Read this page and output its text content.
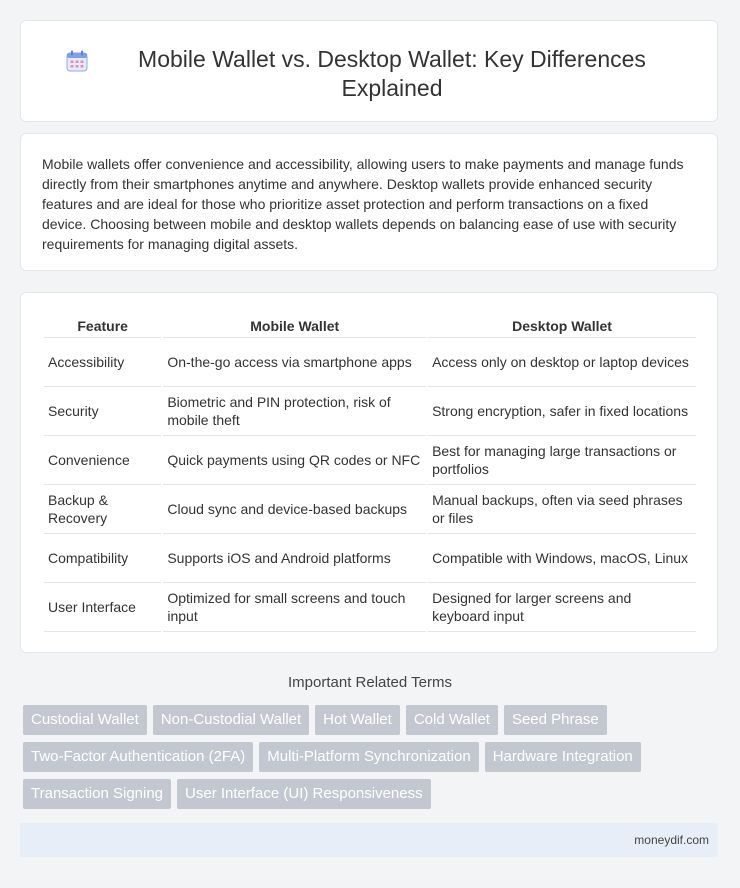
Mobile Wallet vs. Desktop Wallet: Key Differences Explained

Mobile wallets offer convenience and accessibility, allowing users to make payments and manage funds directly from their smartphones anytime and anywhere. Desktop wallets provide enhanced security features and are ideal for those who prioritize asset protection and perform transactions on a fixed device. Choosing between mobile and desktop wallets depends on balancing ease of use with security requirements for managing digital assets.

Feature	Mobile Wallet	Desktop Wallet
Accessibility	On-the-go access via smartphone apps	Access only on desktop or laptop devices
Security	Biometric and PIN protection, risk of mobile theft	Strong encryption, safer in fixed locations
Convenience	Quick payments using QR codes or NFC	Best for managing large transactions or portfolios
Backup & Recovery	Cloud sync and device-based backups	Manual backups, often via seed phrases or files
Compatibility	Supports iOS and Android platforms	Compatible with Windows, macOS, Linux
User Interface	Optimized for small screens and touch input	Designed for larger screens and keyboard input
Important Related Terms
Custodial Wallet	Non-Custodial Wallet	Hot Wallet	Cold Wallet	Seed Phrase
Two-Factor Authentication (2FA)	Multi-Platform Synchronization	Hardware Integration
Transaction Signing	User Interface (UI) Responsiveness
moneydif.com
